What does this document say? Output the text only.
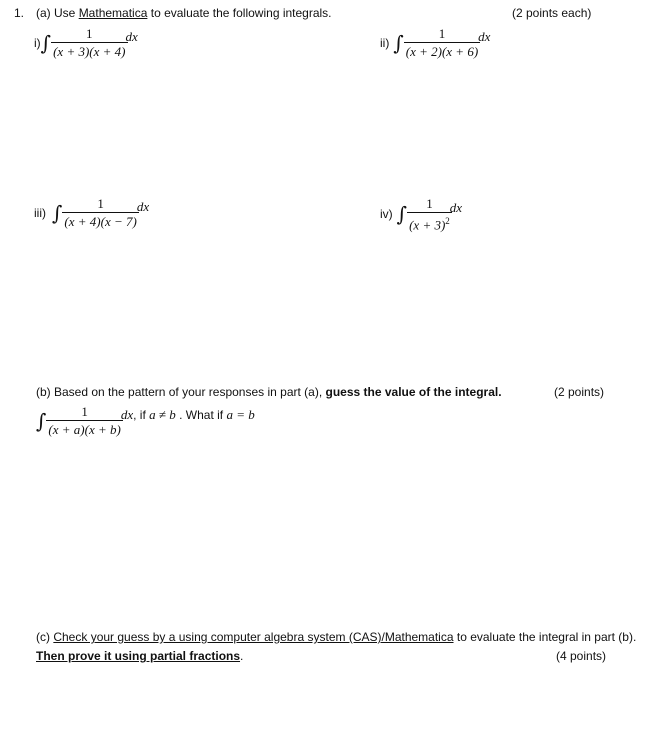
1. (a) Use Mathematica to evaluate the following integrals.	(2 points each)
i) ∫ $\frac{1}{(x + 3)(x + 4)}$
dx	ii) ∫ $\frac{1}{(x + 2)(x + 6)}$
dx
iii) ∫ $\frac{1}{(x + 4)(x - 7)}$
dx
iv) ∫ $\frac{1}{(x + 3)^2}$
dx
(b) Based on the pattern of your responses in part (a), guess the value of the integral.	(2 points)
∫ $\frac{1}{(x + a)(x + b)}$
dx , if a ≠ b . What if a = b
(c) Check your guess by a using computer algebra system (CAS)/Mathematica to evaluate the integral in part (b).
Then prove it using partial fractions.	(4 points)
